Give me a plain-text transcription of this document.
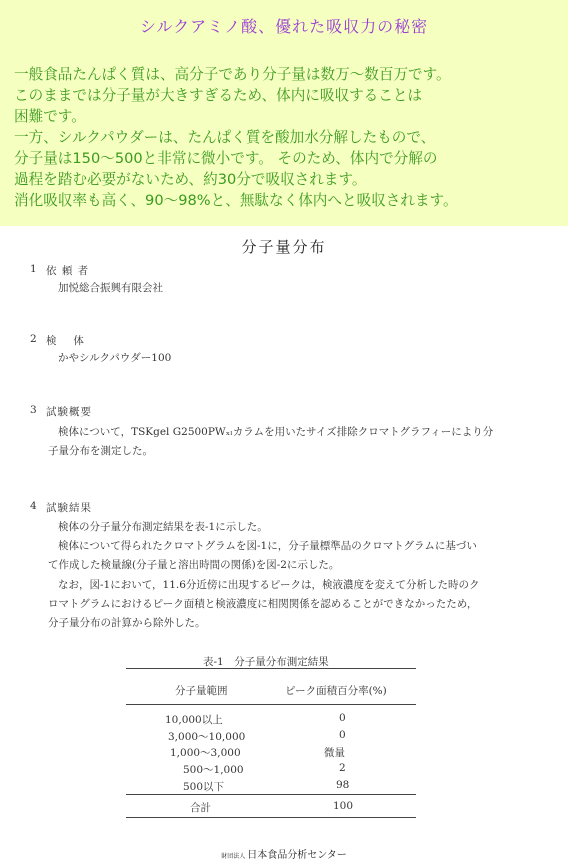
シルクアミノ酸、優れた吸収力の秘密
一般食品たんぱく質は、高分子であり分子量は数万〜数百万です。
このままでは分子量が大きすぎるため、体内に吸収することは
困難です。
一方、シルクパウダーは、たんぱく質を酸加水分解したもので、
分子量は150〜500と非常に微小です。 そのため、体内で分解の
過程を踏む必要がないため、約30分で吸収されます。
消化吸収率も高く、90〜98%と、無駄なく体内へと吸収されます。
分子量分布
1 依 頼 者
加悦総合振興有限会社
2 検　 体
かやシルクパウダー100
3 試験概要
検体について，TSKgel G2500PWₓₗカラムを用いたサイズ排除クロマトグラフィーにより分
子量分布を測定した。
4 試験結果
検体の分子量分布測定結果を表-1に示した。
検体について得られたクロマトグラムを図-1に，分子量標準品のクロマトグラムに基づい
て作成した検量線(分子量と溶出時間の関係)を図-2に示した。
なお，図-1において，11.6分近傍に出現するピークは，検液濃度を変えて分析した時のク
ロマトグラムにおけるピーク面積と検液濃度に相関関係を認めることができなかったため，
分子量分布の計算から除外した。
表-1　分子量分布測定結果
分子量範囲	ピーク面積百分率(%)
10,000以上	0
3,000〜10,000	0
1,000〜3,000	微量
500〜1,000	2
500以下	98
合計	100
財団法人 日本食品分析センター
